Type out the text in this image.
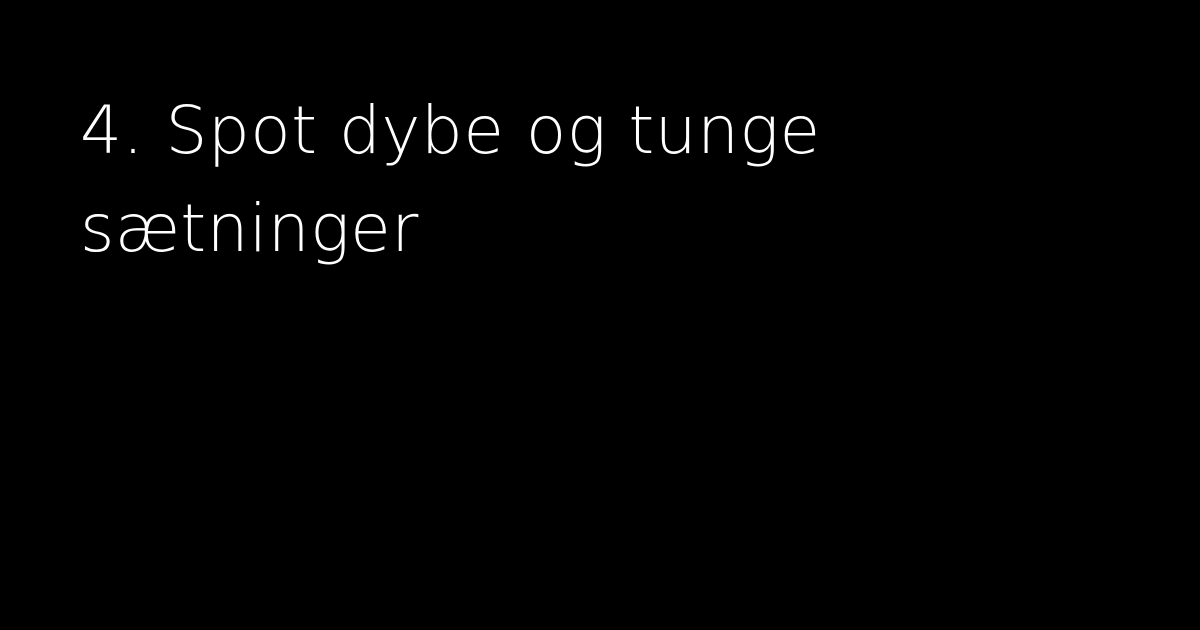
4. Spot dybe og tunge sætninger
